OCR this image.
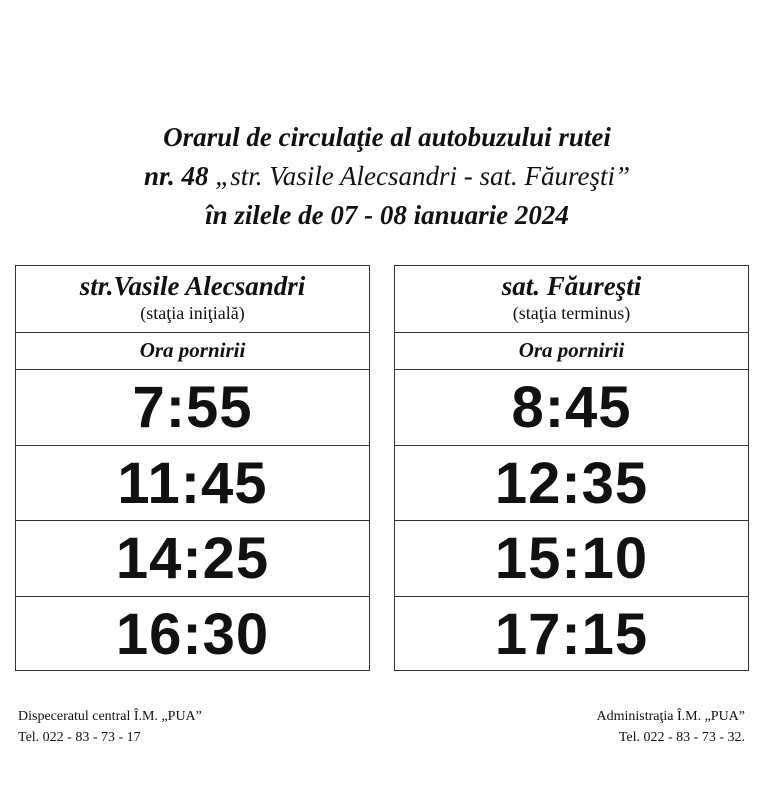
Orarul de circulaţie al autobuzului rutei
nr. 48 „str. Vasile Alecsandri - sat. Făureşti”
în zilele de 07 - 08 ianuarie 2024
str.Vasile Alecsandri
(staţia iniţială)
Ora pornirii
7:55
11:45
14:25
16:30
sat. Făureşti
(staţia terminus)
Ora pornirii
8:45
12:35
15:10
17:15
Dispeceratul central Î.M. „PUA”
Tel. 022 - 83 - 73 - 17
Administraţia Î.M. „PUA”
Tel. 022 - 83 - 73 - 32.
